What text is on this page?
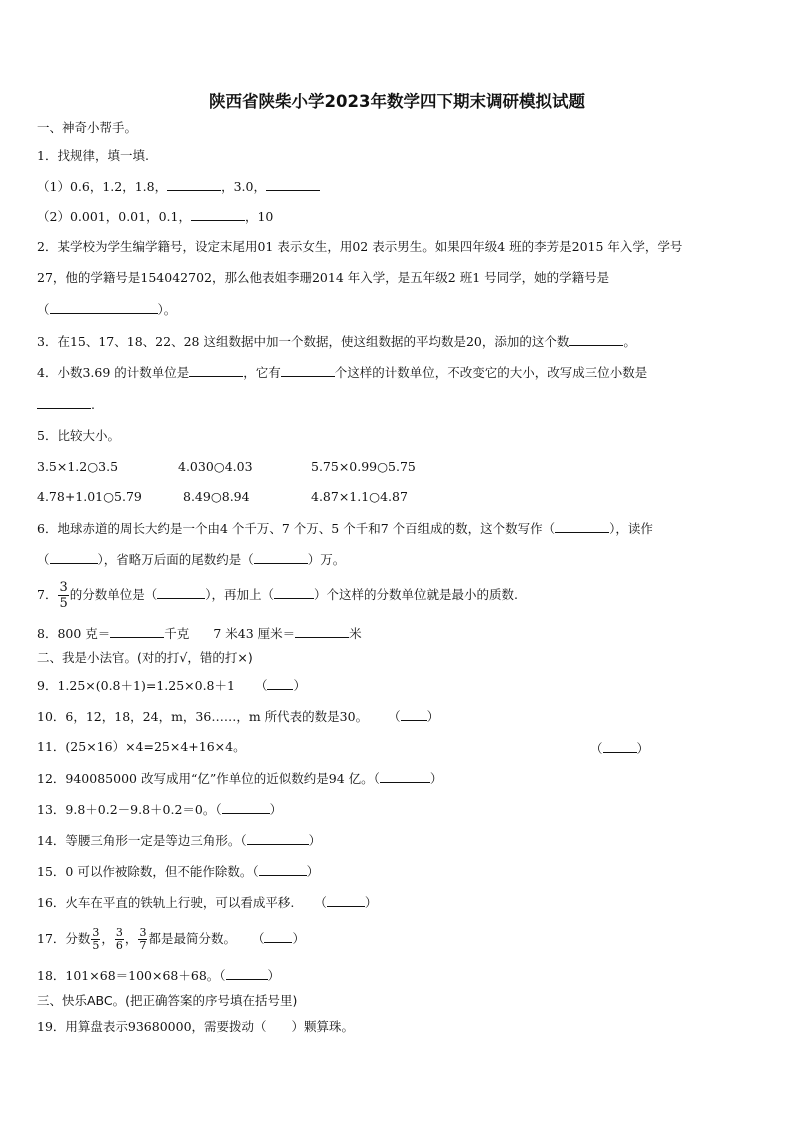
陕西省陕柴小学2023年数学四下期末调研模拟试题
一、神奇小帮手。
1．找规律，填一填.
（1）0.6，1.2，1.8，	，3.0，
（2）0.001，0.01，0.1，	，10
2．某学校为学生编学籍号，设定末尾用01 表示女生，用02 表示男生。如果四年级4 班的李芳是2015 年入学，学号
27，他的学籍号是154042702，那么他表姐李珊2014 年入学，是五年级2 班1 号同学，她的学籍号是
（	）。
3．在15、17、18、22、28 这组数据中加一个数据，使这组数据的平均数是20，添加的这个数	。
4．小数3.69 的计数单位是	，它有	个这样的计数单位，不改变它的大小，改写成三位小数是
.
5．比较大小。
3.5×1.2○3.5	4.030○4.03	5.75×0.99○5.75
4.78+1.01○5.79	8.49○8.94	4.87×1.1○4.87
6．地球赤道的周长大约是一个由4 个千万、7 个万、5 个千和7 个百组成的数，这个数写作（	），读作
（	），省略万后面的尾数约是（	）万。
7． $\frac{3}{5}$ 的分数单位是（	），再加上（	）个这样的分数单位就是最小的质数.
8．800 克＝	千克 7 米43 厘米＝	米
二、我是小法官。(对的打√，错的打×)
9．1.25×(0.8＋1)=1.25×0.8＋1 （ ）
10．6，12，18，24，m，36……，m 所代表的数是30。 （ ）
11．(25×16）×4=25×4+16×4。	（	）
12．940085000 改写成用“亿”作单位的近似数约是94 亿。（	）
13．9.8＋0.2－9.8＋0.2＝0。（	）
14．等腰三角形一定是等边三角形。（	）
15．0 可以作被除数，但不能作除数。（	）
16．火车在平直的铁轨上行驶，可以看成平移. （	）
17．分数 $\frac{3}{5}$ ， $\frac{3}{6}$ ， $\frac{3}{7}$ 都是最简分数。 （ ）
18．101×68＝100×68＋68。（	）
三、快乐ABC。(把正确答案的序号填在括号里)
19．用算盘表示93680000，需要拨动（　　）颗算珠。
